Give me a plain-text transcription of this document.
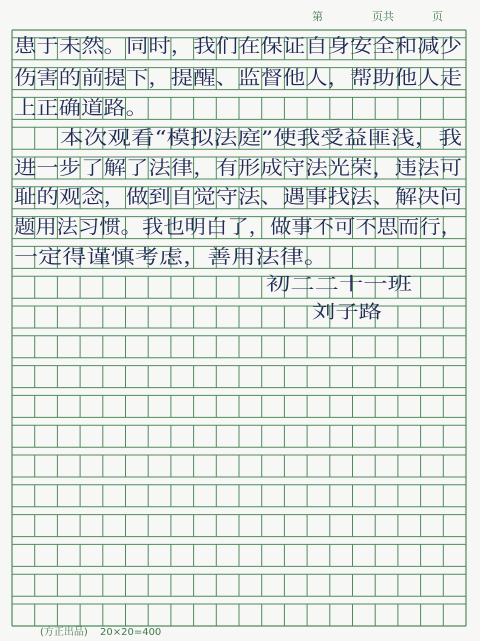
第	页共	页
患于未然。同时，我们在保证自身安全和减少
伤害的前提下，提醒、监督他人，帮助他人走
上正确道路。
本次观看“模拟法庭”使我受益匪浅，我
进一步了解了法律，有形成守法光荣，违法可
耻的观念，做到自觉守法、遇事找法、解决问
题用法习惯。我也明白了，做事不可不思而行，
一定得谨慎考虑，善用法律。
初二二十一班
刘子路
(方正出品) 20×20=400
